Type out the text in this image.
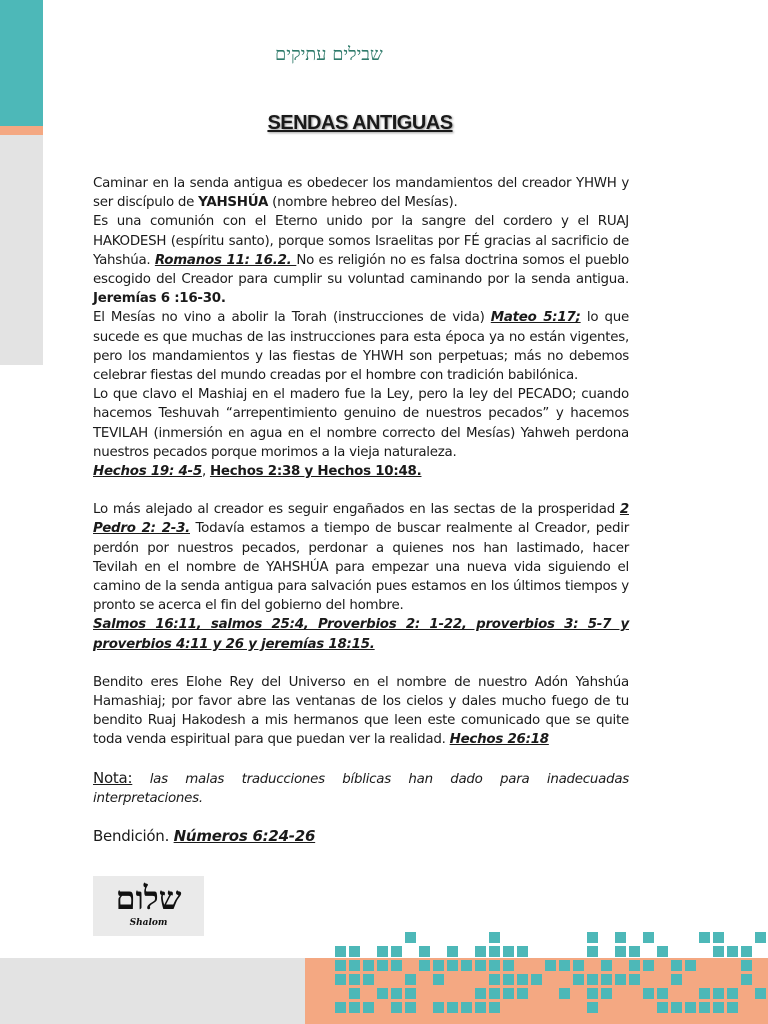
שבילים עתיקים
SENDAS ANTIGUAS

Caminar en la senda antigua es obedecer los mandamientos del creador YHWH y ser discípulo de YAHSHÚA (nombre hebreo del Mesías).

Es una comunión con el Eterno unido por la sangre del cordero y el RUAJ HAKODESH (espíritu santo), porque somos Israelitas por FÉ gracias al sacrificio de Yahshúa. Romanos 11: 16.2. No es religión no es falsa doctrina somos el pueblo escogido del Creador para cumplir su voluntad caminando por la senda antigua. Jeremías 6 :16-30.

El Mesías no vino a abolir la Torah (instrucciones de vida) Mateo 5:17; lo que sucede es que muchas de las instrucciones para esta época ya no están vigentes, pero los mandamientos y las fiestas de YHWH son perpetuas; más no debemos celebrar fiestas del mundo creadas por el hombre con tradición babilónica.

Lo que clavo el Mashiaj en el madero fue la Ley, pero la ley del PECADO; cuando hacemos Teshuvah “arrepentimiento genuino de nuestros pecados” y hacemos TEVILAH (inmersión en agua en el nombre correcto del Mesías) Yahweh perdona nuestros pecados porque morimos a la vieja naturaleza.
Hechos 19: 4-5, Hechos 2:38 y Hechos 10:48.

Lo más alejado al creador es seguir engañados en las sectas de la prosperidad 2 Pedro 2: 2-3. Todavía estamos a tiempo de buscar realmente al Creador, pedir perdón por nuestros pecados, perdonar a quienes nos han lastimado, hacer Tevilah en el nombre de YAHSHÚA para empezar una nueva vida siguiendo el camino de la senda antigua para salvación pues estamos en los últimos tiempos y pronto se acerca el fin del gobierno del hombre.
Salmos 16:11, salmos 25:4, Proverbios 2: 1-22, proverbios 3: 5-7 y proverbios 4:11 y 26 y jeremías 18:15.

Bendito eres Elohe Rey del Universo en el nombre de nuestro Adón Yahshúa Hamashiaj; por favor abre las ventanas de los cielos y dales mucho fuego de tu bendito Ruaj Hakodesh a mis hermanos que leen este comunicado que se quite toda venda espiritual para que puedan ver la realidad. Hechos 26:18

Nota: las malas traducciones bíblicas han dado para inadecuadas interpretaciones.

Bendición. Números 6:24-26

שלום
Shalom
